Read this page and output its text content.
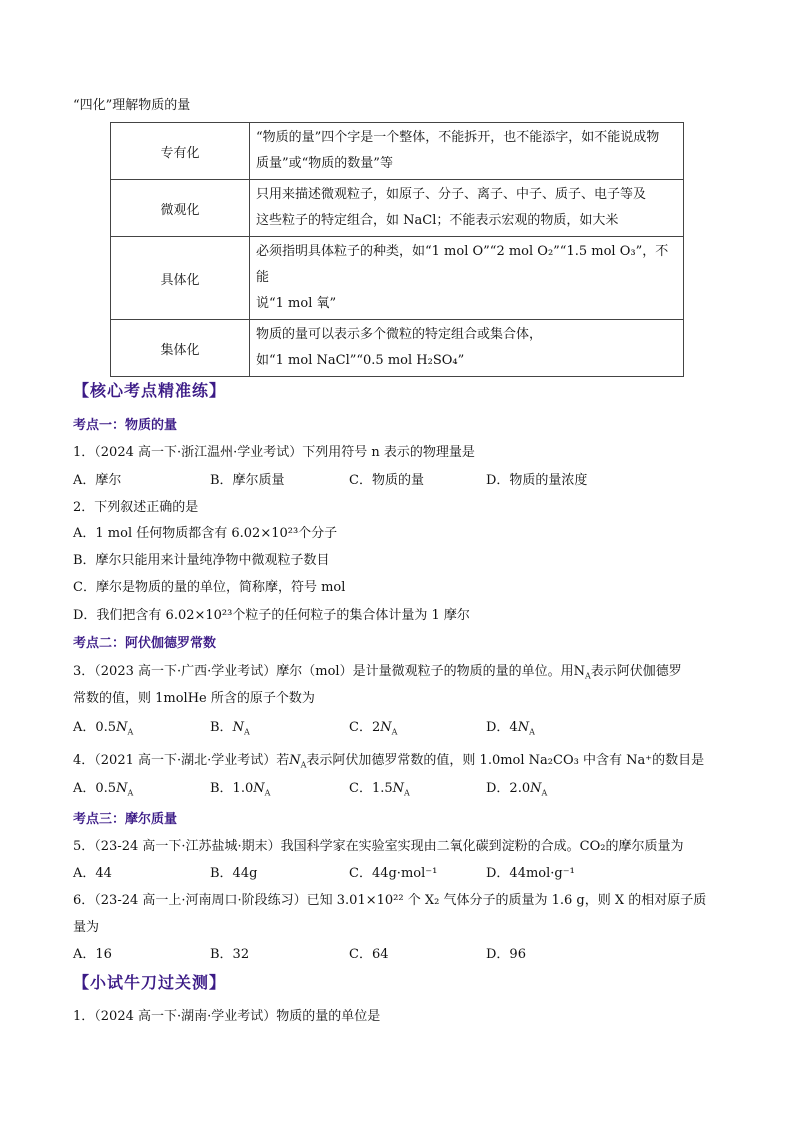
“四化”理解物质的量
专有化	“物质的量”四个字是一个整体，不能拆开，也不能添字，如不能说成物
质量”或“物质的数量”等
微观化	只用来描述微观粒子，如原子、分子、离子、中子、质子、电子等及
这些粒子的特定组合，如 NaCl；不能表示宏观的物质，如大米
具体化	必须指明具体粒子的种类，如“1 mol O”“2 mol O₂”“1.5 mol O₃”，不能
说“1 mol 氧”
集体化	物质的量可以表示多个微粒的特定组合或集合体，
如“1 mol NaCl”“0.5 mol H₂SO₄”
【核心考点精准练】
考点一：物质的量
1．（2024 高一下·浙江温州·学业考试）下列用符号 n 表示的物理量是
A．摩尔	B．摩尔质量	C．物质的量	D．物质的量浓度
2．下列叙述正确的是
A．1 mol 任何物质都含有 6.02×10²³个分子
B．摩尔只能用来计量纯净物中微观粒子数目
C．摩尔是物质的量的单位，简称摩，符号 mol
D．我们把含有 6.02×10²³个粒子的任何粒子的集合体计量为 1 摩尔
考点二：阿伏伽德罗常数
3．（2023 高一下·广西·学业考试）摩尔（mol）是计量微观粒子的物质的量的单位。用$N_A$表示阿伏伽德罗
常数的值，则 1molHe 所含的原子个数为
A．$0.5N_A$	B．$N_A$	C．$2N_A$	D．$4N_A$
4．（2021 高一下·湖北·学业考试）若$N_A$表示阿伏加德罗常数的值，则 1.0mol Na₂CO₃ 中含有 Na⁺的数目是
A．$0.5N_A$	B．$1.0N_A$	C．$1.5N_A$	D．$2.0N_A$
考点三：摩尔质量
5．（23-24 高一下·江苏盐城·期末）我国科学家在实验室实现由二氧化碳到淀粉的合成。CO₂的摩尔质量为
A．44	B．44g	C．44g·mol⁻¹	D．44mol·g⁻¹
6．（23-24 高一上·河南周口·阶段练习）已知 3.01×10²² 个 X₂ 气体分子的质量为 1.6 g，则 X 的相对原子质
量为
A．16	B．32	C．64	D．96
【小试牛刀过关测】
1．（2024 高一下·湖南·学业考试）物质的量的单位是
